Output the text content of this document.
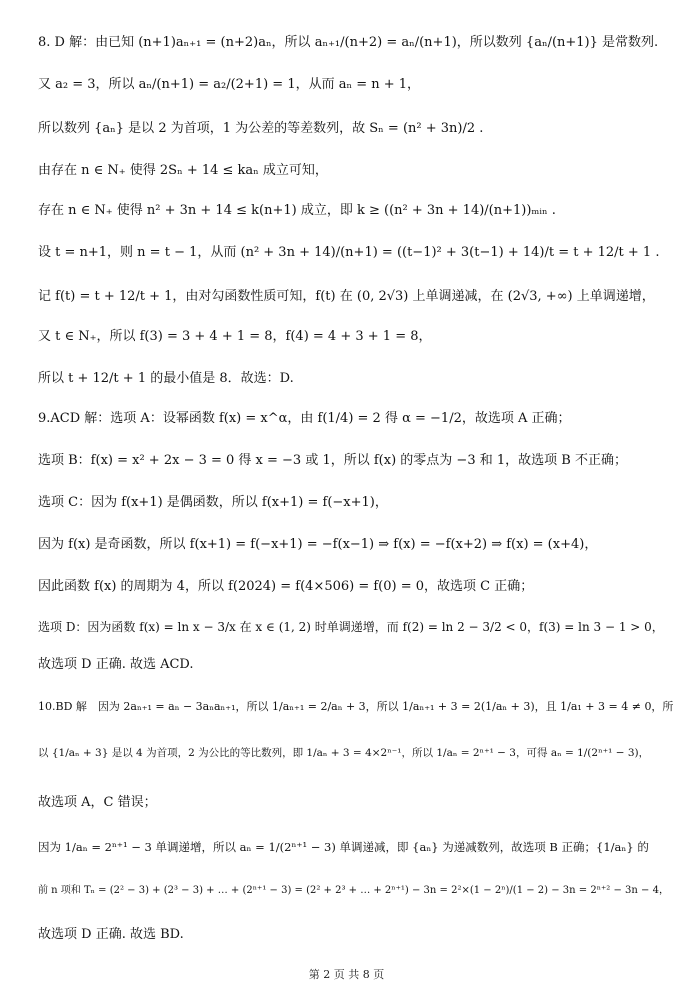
8. D 解：由已知 (n+1)aₙ₊₁ = (n+2)aₙ，所以 aₙ₊₁/(n+2) = aₙ/(n+1)，所以数列 {aₙ/(n+1)} 是常数列.
又 a₂ = 3，所以 aₙ/(n+1) = a₂/(2+1) = 1，从而 aₙ = n + 1，
所以数列 {aₙ} 是以 2 为首项，1 为公差的等差数列，故 Sₙ = (n² + 3n)/2 .
由存在 n ∈ N₊ 使得 2Sₙ + 14 ≤ kaₙ 成立可知，
存在 n ∈ N₊ 使得 n² + 3n + 14 ≤ k(n+1) 成立，即 k ≥ ((n² + 3n + 14)/(n+1))ₘᵢₙ .
设 t = n+1，则 n = t − 1，从而 (n² + 3n + 14)/(n+1) = ((t−1)² + 3(t−1) + 14)/t = t + 12/t + 1 .
记 f(t) = t + 12/t + 1，由对勾函数性质可知，f(t) 在 (0, 2√3) 上单调递减，在 (2√3, +∞) 上单调递增，
又 t ∈ N₊，所以 f(3) = 3 + 4 + 1 = 8，f(4) = 4 + 3 + 1 = 8，
所以 t + 12/t + 1 的最小值是 8．故选：D.
9.ACD 解：选项 A：设幂函数 f(x) = x^α，由 f(1/4) = 2 得 α = −1/2，故选项 A 正确；
选项 B：f(x) = x² + 2x − 3 = 0 得 x = −3 或 1，所以 f(x) 的零点为 −3 和 1，故选项 B 不正确；
选项 C：因为 f(x+1) 是偶函数，所以 f(x+1) = f(−x+1)，
因为 f(x) 是奇函数，所以 f(x+1) = f(−x+1) = −f(x−1) ⇒ f(x) = −f(x+2) ⇒ f(x) = (x+4)，
因此函数 f(x) 的周期为 4，所以 f(2024) = f(4×506) = f(0) = 0，故选项 C 正确；
选项 D：因为函数 f(x) = ln x − 3/x 在 x ∈ (1, 2) 时单调递增，而 f(2) = ln 2 − 3/2 < 0，f(3) = ln 3 − 1 > 0，
故选项 D 正确. 故选 ACD.
10.BD 解　因为 2aₙ₊₁ = aₙ − 3aₙaₙ₊₁，所以 1/aₙ₊₁ = 2/aₙ + 3，所以 1/aₙ₊₁ + 3 = 2(1/aₙ + 3)，且 1/a₁ + 3 = 4 ≠ 0，所
以 {1/aₙ + 3} 是以 4 为首项，2 为公比的等比数列，即 1/aₙ + 3 = 4×2ⁿ⁻¹，所以 1/aₙ = 2ⁿ⁺¹ − 3，可得 aₙ = 1/(2ⁿ⁺¹ − 3)，
故选项 A，C 错误；
因为 1/aₙ = 2ⁿ⁺¹ − 3 单调递增，所以 aₙ = 1/(2ⁿ⁺¹ − 3) 单调递减，即 {aₙ} 为递减数列，故选项 B 正确；{1/aₙ} 的
前 n 项和 Tₙ = (2² − 3) + (2³ − 3) + … + (2ⁿ⁺¹ − 3) = (2² + 2³ + … + 2ⁿ⁺¹) − 3n = 2²×(1 − 2ⁿ)/(1 − 2) − 3n = 2ⁿ⁺² − 3n − 4，
故选项 D 正确. 故选 BD.
第 2 页 共 8 页
